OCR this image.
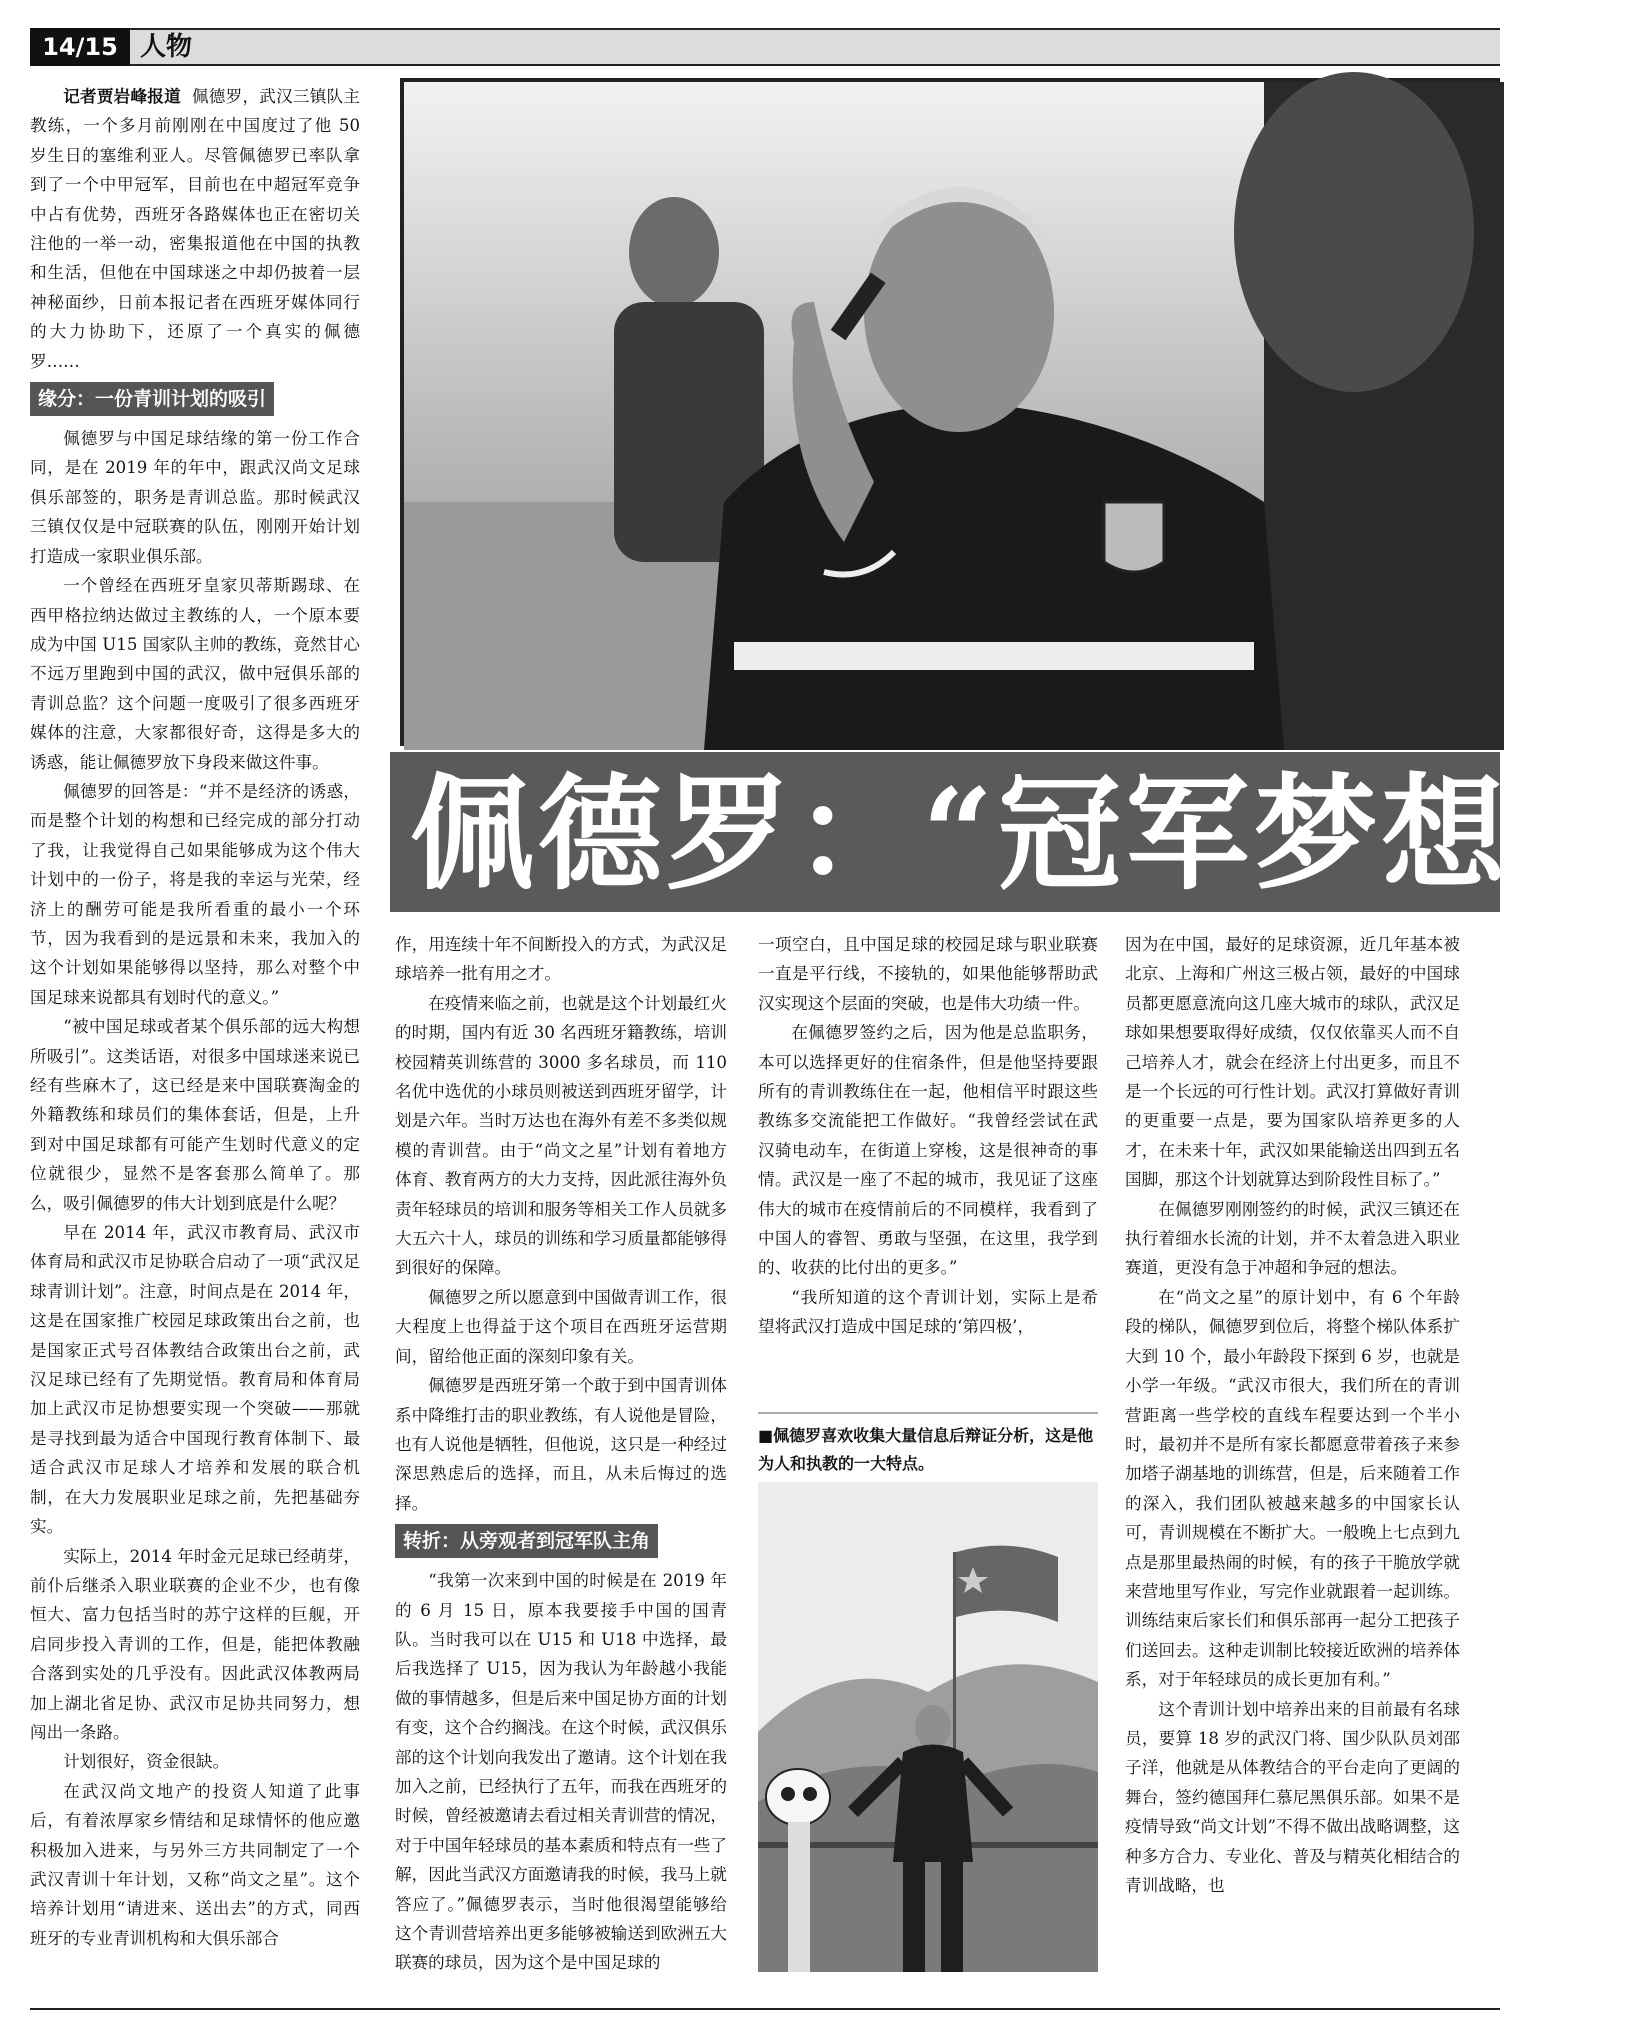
14/15 人物

记者贾岩峰报道 佩德罗，武汉三镇队主教练，一个多月前刚刚在中国度过了他 50 岁生日的塞维利亚人。尽管佩德罗已率队拿到了一个中甲冠军，目前也在中超冠军竞争中占有优势，西班牙各路媒体也正在密切关注他的一举一动，密集报道他在中国的执教和生活，但他在中国球迷之中却仍披着一层神秘面纱，日前本报记者在西班牙媒体同行的大力协助下，还原了一个真实的佩德罗……

缘分：一份青训计划的吸引

佩德罗与中国足球结缘的第一份工作合同，是在 2019 年的年中，跟武汉尚文足球俱乐部签的，职务是青训总监。那时候武汉三镇仅仅是中冠联赛的队伍，刚刚开始计划打造成一家职业俱乐部。

一个曾经在西班牙皇家贝蒂斯踢球、在西甲格拉纳达做过主教练的人，一个原本要成为中国 U15 国家队主帅的教练，竟然甘心不远万里跑到中国的武汉，做中冠俱乐部的青训总监？这个问题一度吸引了很多西班牙媒体的注意，大家都很好奇，这得是多大的诱惑，能让佩德罗放下身段来做这件事。

佩德罗的回答是：“并不是经济的诱惑，而是整个计划的构想和已经完成的部分打动了我，让我觉得自己如果能够成为这个伟大计划中的一份子，将是我的幸运与光荣，经济上的酬劳可能是我所看重的最小一个环节，因为我看到的是远景和未来，我加入的这个计划如果能够得以坚持，那么对整个中国足球来说都具有划时代的意义。”

“被中国足球或者某个俱乐部的远大构想所吸引”。这类话语，对很多中国球迷来说已经有些麻木了，这已经是来中国联赛淘金的外籍教练和球员们的集体套话，但是，上升到对中国足球都有可能产生划时代意义的定位就很少，显然不是客套那么简单了。那么，吸引佩德罗的伟大计划到底是什么呢？

早在 2014 年，武汉市教育局、武汉市体育局和武汉市足协联合启动了一项“武汉足球青训计划”。注意，时间点是在 2014 年，这是在国家推广校园足球政策出台之前，也是国家正式号召体教结合政策出台之前，武汉足球已经有了先期觉悟。教育局和体育局加上武汉市足协想要实现一个突破——那就是寻找到最为适合中国现行教育体制下、最适合武汉市足球人才培养和发展的联合机制，在大力发展职业足球之前，先把基础夯实。

实际上，2014 年时金元足球已经萌芽，前仆后继杀入职业联赛的企业不少，也有像恒大、富力包括当时的苏宁这样的巨舰，开启同步投入青训的工作，但是，能把体教融合落到实处的几乎没有。因此武汉体教两局加上湖北省足协、武汉市足协共同努力，想闯出一条路。

计划很好，资金很缺。

在武汉尚文地产的投资人知道了此事后，有着浓厚家乡情结和足球情怀的他应邀积极加入进来，与另外三方共同制定了一个武汉青训十年计划，又称“尚文之星”。这个培养计划用“请进来、送出去”的方式，同西班牙的专业青训机构和大俱乐部合

佩德罗：“冠军梦想是

作，用连续十年不间断投入的方式，为武汉足球培养一批有用之才。

在疫情来临之前，也就是这个计划最红火的时期，国内有近 30 名西班牙籍教练，培训校园精英训练营的 3000 多名球员，而 110 名优中选优的小球员则被送到西班牙留学，计划是六年。当时万达也在海外有差不多类似规模的青训营。由于“尚文之星”计划有着地方体育、教育两方的大力支持，因此派往海外负责年轻球员的培训和服务等相关工作人员就多大五六十人，球员的训练和学习质量都能够得到很好的保障。

佩德罗之所以愿意到中国做青训工作，很大程度上也得益于这个项目在西班牙运营期间，留给他正面的深刻印象有关。

佩德罗是西班牙第一个敢于到中国青训体系中降维打击的职业教练，有人说他是冒险，也有人说他是牺牲，但他说，这只是一种经过深思熟虑后的选择，而且，从未后悔过的选择。

转折：从旁观者到冠军队主角

“我第一次来到中国的时候是在 2019 年的 6 月 15 日，原本我要接手中国的国青队。当时我可以在 U15 和 U18 中选择，最后我选择了 U15，因为我认为年龄越小我能做的事情越多，但是后来中国足协方面的计划有变，这个合约搁浅。在这个时候，武汉俱乐部的这个计划向我发出了邀请。这个计划在我加入之前，已经执行了五年，而我在西班牙的时候，曾经被邀请去看过相关青训营的情况，对于中国年轻球员的基本素质和特点有一些了解，因此当武汉方面邀请我的时候，我马上就答应了。”佩德罗表示，当时他很渴望能够给这个青训营培养出更多能够被输送到欧洲五大联赛的球员，因为这个是中国足球的

一项空白，且中国足球的校园足球与职业联赛一直是平行线，不接轨的，如果他能够帮助武汉实现这个层面的突破，也是伟大功绩一件。

在佩德罗签约之后，因为他是总监职务，本可以选择更好的住宿条件，但是他坚持要跟所有的青训教练住在一起，他相信平时跟这些教练多交流能把工作做好。“我曾经尝试在武汉骑电动车，在街道上穿梭，这是很神奇的事情。武汉是一座了不起的城市，我见证了这座伟大的城市在疫情前后的不同模样，我看到了中国人的睿智、勇敢与坚强，在这里，我学到的、收获的比付出的更多。”

“我所知道的这个青训计划，实际上是希望将武汉打造成中国足球的‘第四极’，

■佩德罗喜欢收集大量信息后辩证分析，这是他为人和执教的一大特点。

因为在中国，最好的足球资源，近几年基本被北京、上海和广州这三极占领，最好的中国球员都更愿意流向这几座大城市的球队，武汉足球如果想要取得好成绩，仅仅依靠买人而不自己培养人才，就会在经济上付出更多，而且不是一个长远的可行性计划。武汉打算做好青训的更重要一点是，要为国家队培养更多的人才，在未来十年，武汉如果能输送出四到五名国脚，那这个计划就算达到阶段性目标了。”

在佩德罗刚刚签约的时候，武汉三镇还在执行着细水长流的计划，并不太着急进入职业赛道，更没有急于冲超和争冠的想法。

在“尚文之星”的原计划中，有 6 个年龄段的梯队，佩德罗到位后，将整个梯队体系扩大到 10 个，最小年龄段下探到 6 岁，也就是小学一年级。“武汉市很大，我们所在的青训营距离一些学校的直线车程要达到一个半小时，最初并不是所有家长都愿意带着孩子来参加塔子湖基地的训练营，但是，后来随着工作的深入，我们团队被越来越多的中国家长认可，青训规模在不断扩大。一般晚上七点到九点是那里最热闹的时候，有的孩子干脆放学就来营地里写作业，写完作业就跟着一起训练。训练结束后家长们和俱乐部再一起分工把孩子们送回去。这种走训制比较接近欧洲的培养体系，对于年轻球员的成长更加有利。”

这个青训计划中培养出来的目前最有名球员，要算 18 岁的武汉门将、国少队队员刘邵子洋，他就是从体教结合的平台走向了更阔的舞台，签约德国拜仁慕尼黑俱乐部。如果不是疫情导致“尚文计划”不得不做出战略调整，这种多方合力、专业化、普及与精英化相结合的青训战略，也
